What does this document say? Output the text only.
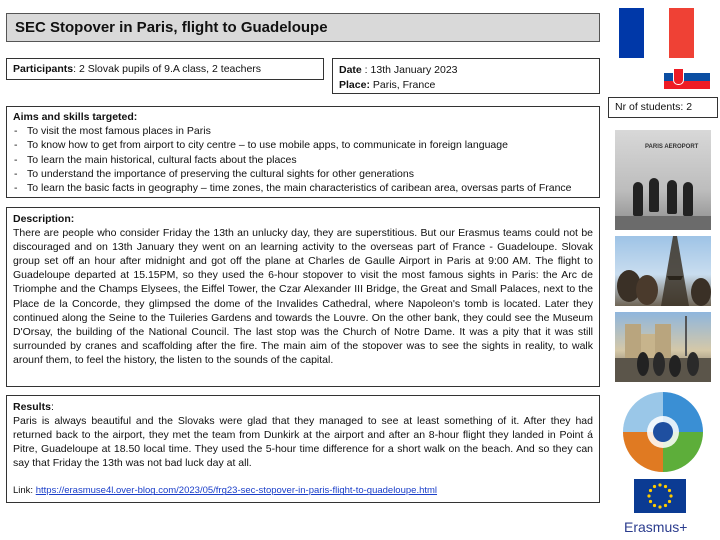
SEC Stopover in Paris, flight to Guadeloupe
Participants: 2 Slovak pupils of 9.A class, 2 teachers	Date : 13th January 2023
Place: Paris, France
Nr of students: 2
Aims and skills targeted:
- To visit the most famous places in Paris
- To know how to get from airport to city centre – to use mobile apps, to communicate in foreign language
- To learn the main historical, cultural facts about the places
- To understand the importance of preserving the cultural sights for other generations
- To learn the basic facts in geography – time zones, the main characteristics of caribean area, oversas parts of France
Description:
There are people who consider Friday the 13th an unlucky day, they are superstitious. But our Erasmus teams could not be discouraged and on 13th January they went on an learning activity to the overseas part of France - Guadeloupe. Slovak group set off an hour after midnight and got off the plane at Charles de Gaulle Airport in Paris at 9:00 AM. The flight to Guadeloupe departed at 15.15PM, so they used the 6-hour stopover to visit the most famous sights in Paris: the Arc de Triomphe and the Champs Elysees, the Eiffel Tower, the Czar Alexander III Bridge, the Great and Small Palaces, next to the Place de la Concorde, they glimpsed the dome of the Invalides Cathedral, where Napoleon's tomb is located. Later they continued along the Seine to the Tuileries Gardens and towards the Louvre. On the other bank, they could see the Museum D'Orsay, the building of the National Council. The last stop was the Church of Notre Dame. It was a pity that it was still surrounded by cranes and scaffolding after the fire. The main aim of the stopover was to see the sights in reality, to walk arounf them, to feel the history, the listen to the sounds of the capital.
Results:
Paris is always beautiful and the Slovaks were glad that they managed to see at least something of it. After they had returned back to the airport, they met the team from Dunkirk at the airport and after an 8-hour flight they landed in Point á Pitre, Guadeloupe at 18.50 local time. They used the 5-hour time difference for a short walk on the beach. And so they can say that Friday the 13th was not bad luck day at all.
Link: https://erasmuse4l.over-blog.com/2023/05/frg23-sec-stopover-in-paris-flight-to-guadeloupe.html
PARIS AEROPORT
Erasmus+
